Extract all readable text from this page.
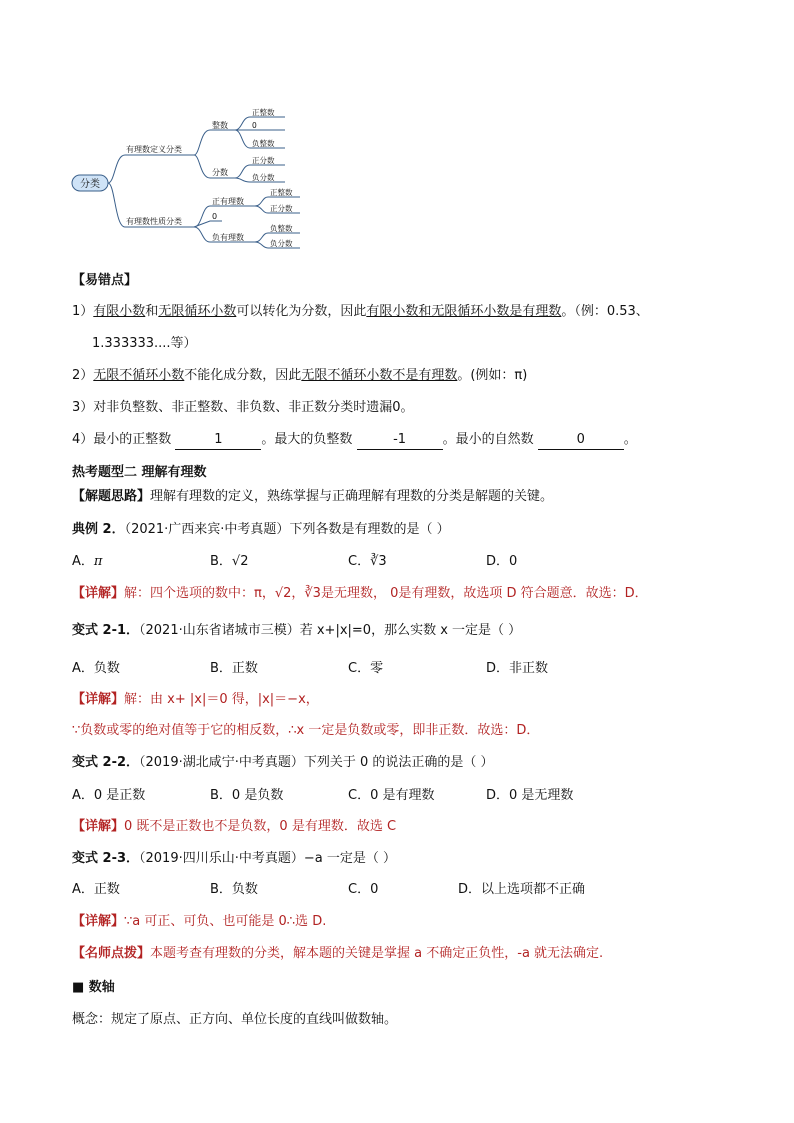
分类
有理数定义分类
有理数性质分类
整数
分数
正整数
0
负整数
正分数
负分数
正有理数
0
负有理数
正整数
正分数
负整数
负分数
【易错点】
1）有限小数和无限循环小数可以转化为分数，因此有限小数和无限循环小数是有理数。（例：0.53、
1.333333....等）
2）无限不循环小数不能化成分数，因此无限不循环小数不是有理数。(例如：π)
3）对非负整数、非正整数、非负数、非正数分类时遗漏0。
4）最小的正整数	1	。最大的负整数	-1	。最小的自然数	0	。
热考题型二 理解有理数
【解题思路】理解有理数的定义，熟练掌握与正确理解有理数的分类是解题的关键。
典例 2．（2021·广西来宾·中考真题）下列各数是有理数的是（ ）
A．π	B．√2	C．∛3	D．0
【详解】解：四个选项的数中：π，√2，∛3是无理数， 0是有理数，故选项 D 符合题意．故选：D．
变式 2-1．（2021·山东省诸城市三模）若 x+|x|=0，那么实数 x 一定是（ ）
A．负数	B．正数	C．零	D．非正数
【详解】解：由 x+ |x|＝0 得，|x|＝−x，
∵负数或零的绝对值等于它的相反数，∴x 一定是负数或零，即非正数．故选：D．
变式 2-2．（2019·湖北咸宁·中考真题）下列关于 0 的说法正确的是（ ）
A．0 是正数	B．0 是负数	C．0 是有理数	D．0 是无理数
【详解】0 既不是正数也不是负数，0 是有理数．故选 C
变式 2-3．（2019·四川乐山·中考真题）−a 一定是（ ）
A．正数	B．负数	C．0	D．以上选项都不正确
【详解】∵a 可正、可负、也可能是 0∴选 D.
【名师点拨】本题考查有理数的分类，解本题的关键是掌握 a 不确定正负性，-a 就无法确定.
■ 数轴
概念：规定了原点、正方向、单位长度的直线叫做数轴。
